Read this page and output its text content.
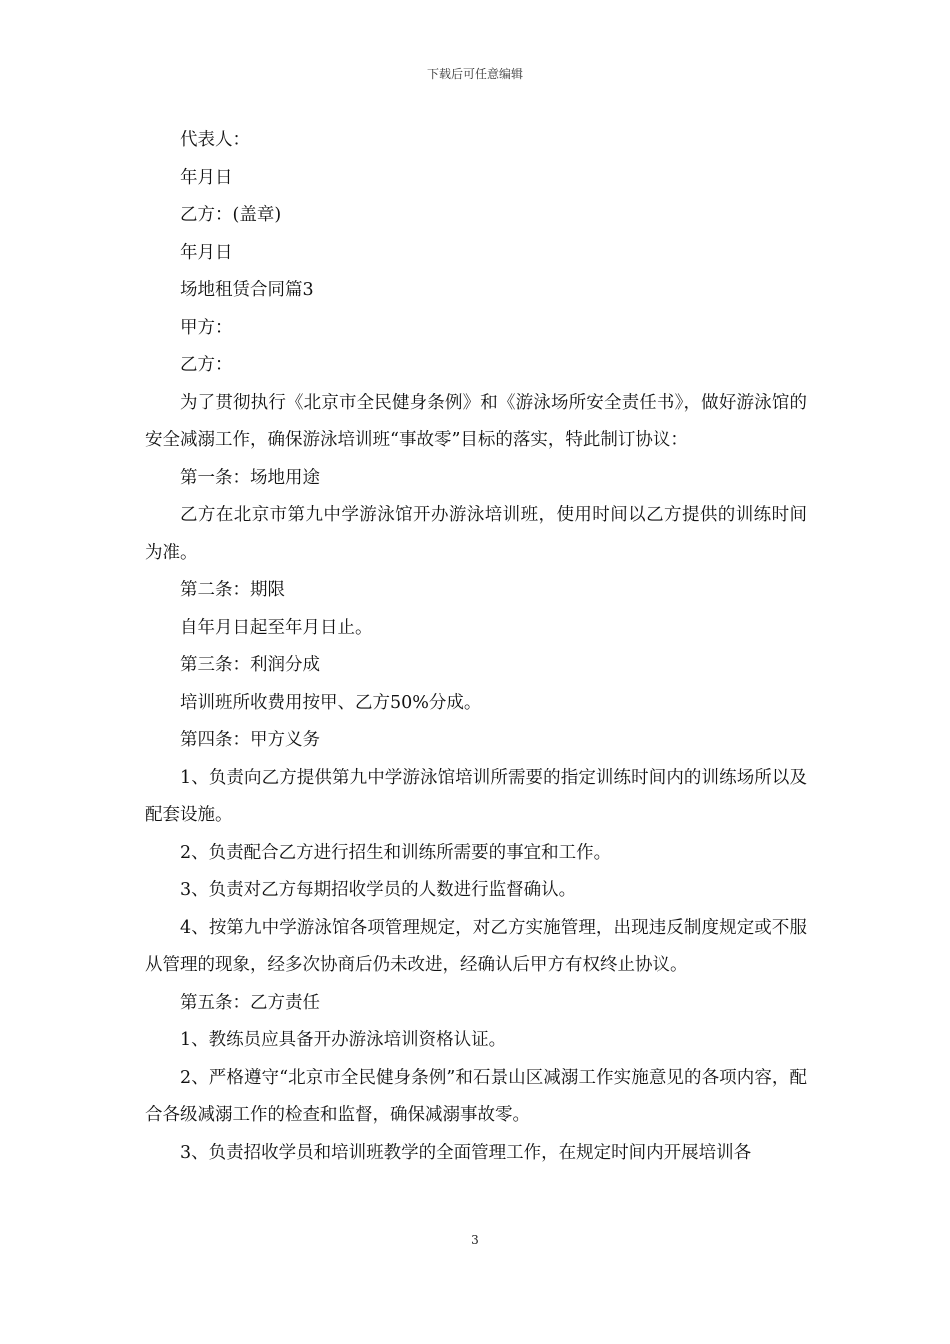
下载后可任意编辑

代表人：

年月日

乙方：(盖章)

年月日

场地租赁合同篇3

甲方：

乙方：

为了贯彻执行《北京市全民健身条例》和《游泳场所安全责任书》，做好游泳馆的安全减溺工作，确保游泳培训班“事故零”目标的落实，特此制订协议：

第一条：场地用途

乙方在北京市第九中学游泳馆开办游泳培训班，使用时间以乙方提供的训练时间为准。

第二条：期限

自年月日起至年月日止。

第三条：利润分成

培训班所收费用按甲、乙方50%分成。

第四条：甲方义务

1、负责向乙方提供第九中学游泳馆培训所需要的指定训练时间内的训练场所以及配套设施。

2、负责配合乙方进行招生和训练所需要的事宜和工作。

3、负责对乙方每期招收学员的人数进行监督确认。

4、按第九中学游泳馆各项管理规定，对乙方实施管理，出现违反制度规定或不服从管理的现象，经多次协商后仍未改进，经确认后甲方有权终止协议。

第五条：乙方责任

1、教练员应具备开办游泳培训资格认证。

2、严格遵守“北京市全民健身条例”和石景山区减溺工作实施意见的各项内容，配合各级减溺工作的检查和监督，确保减溺事故零。

3、负责招收学员和培训班教学的全面管理工作，在规定时间内开展培训各

3
